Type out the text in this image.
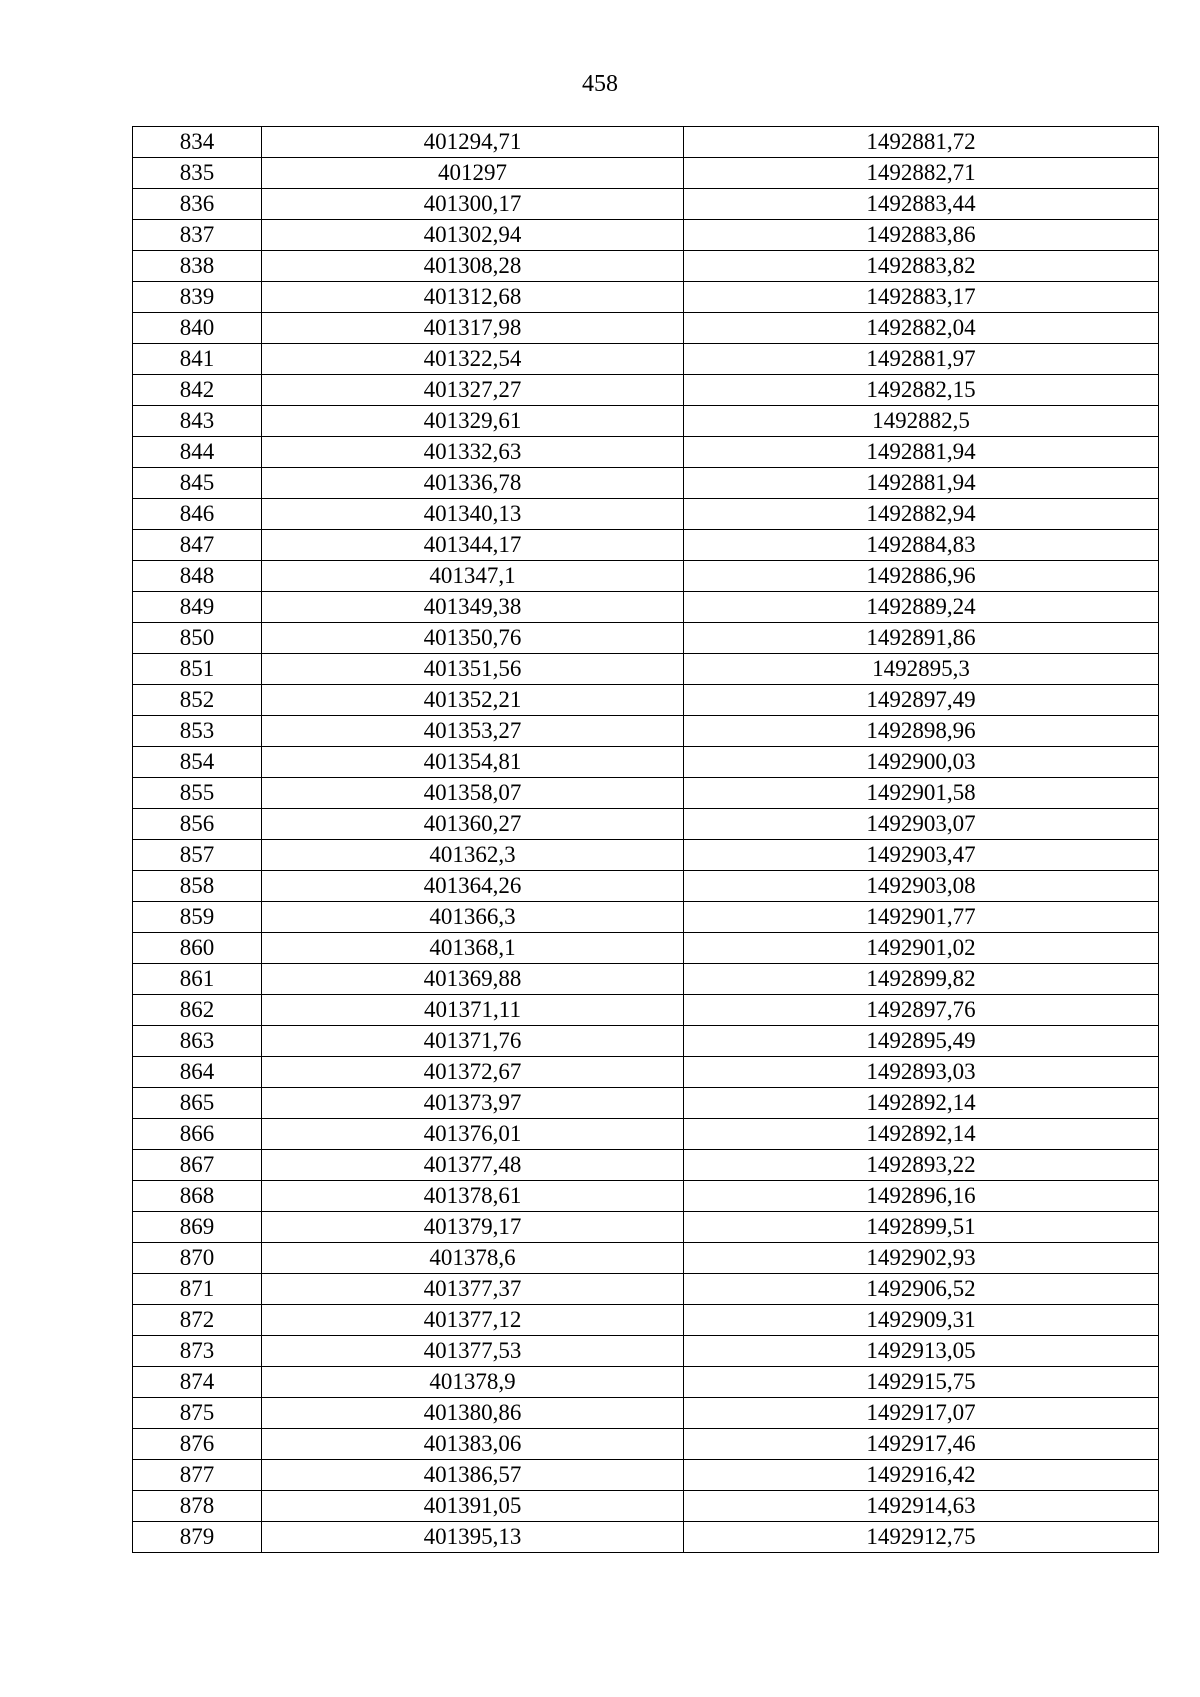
458
834	401294,71	1492881,72
835	401297	1492882,71
836	401300,17	1492883,44
837	401302,94	1492883,86
838	401308,28	1492883,82
839	401312,68	1492883,17
840	401317,98	1492882,04
841	401322,54	1492881,97
842	401327,27	1492882,15
843	401329,61	1492882,5
844	401332,63	1492881,94
845	401336,78	1492881,94
846	401340,13	1492882,94
847	401344,17	1492884,83
848	401347,1	1492886,96
849	401349,38	1492889,24
850	401350,76	1492891,86
851	401351,56	1492895,3
852	401352,21	1492897,49
853	401353,27	1492898,96
854	401354,81	1492900,03
855	401358,07	1492901,58
856	401360,27	1492903,07
857	401362,3	1492903,47
858	401364,26	1492903,08
859	401366,3	1492901,77
860	401368,1	1492901,02
861	401369,88	1492899,82
862	401371,11	1492897,76
863	401371,76	1492895,49
864	401372,67	1492893,03
865	401373,97	1492892,14
866	401376,01	1492892,14
867	401377,48	1492893,22
868	401378,61	1492896,16
869	401379,17	1492899,51
870	401378,6	1492902,93
871	401377,37	1492906,52
872	401377,12	1492909,31
873	401377,53	1492913,05
874	401378,9	1492915,75
875	401380,86	1492917,07
876	401383,06	1492917,46
877	401386,57	1492916,42
878	401391,05	1492914,63
879	401395,13	1492912,75
